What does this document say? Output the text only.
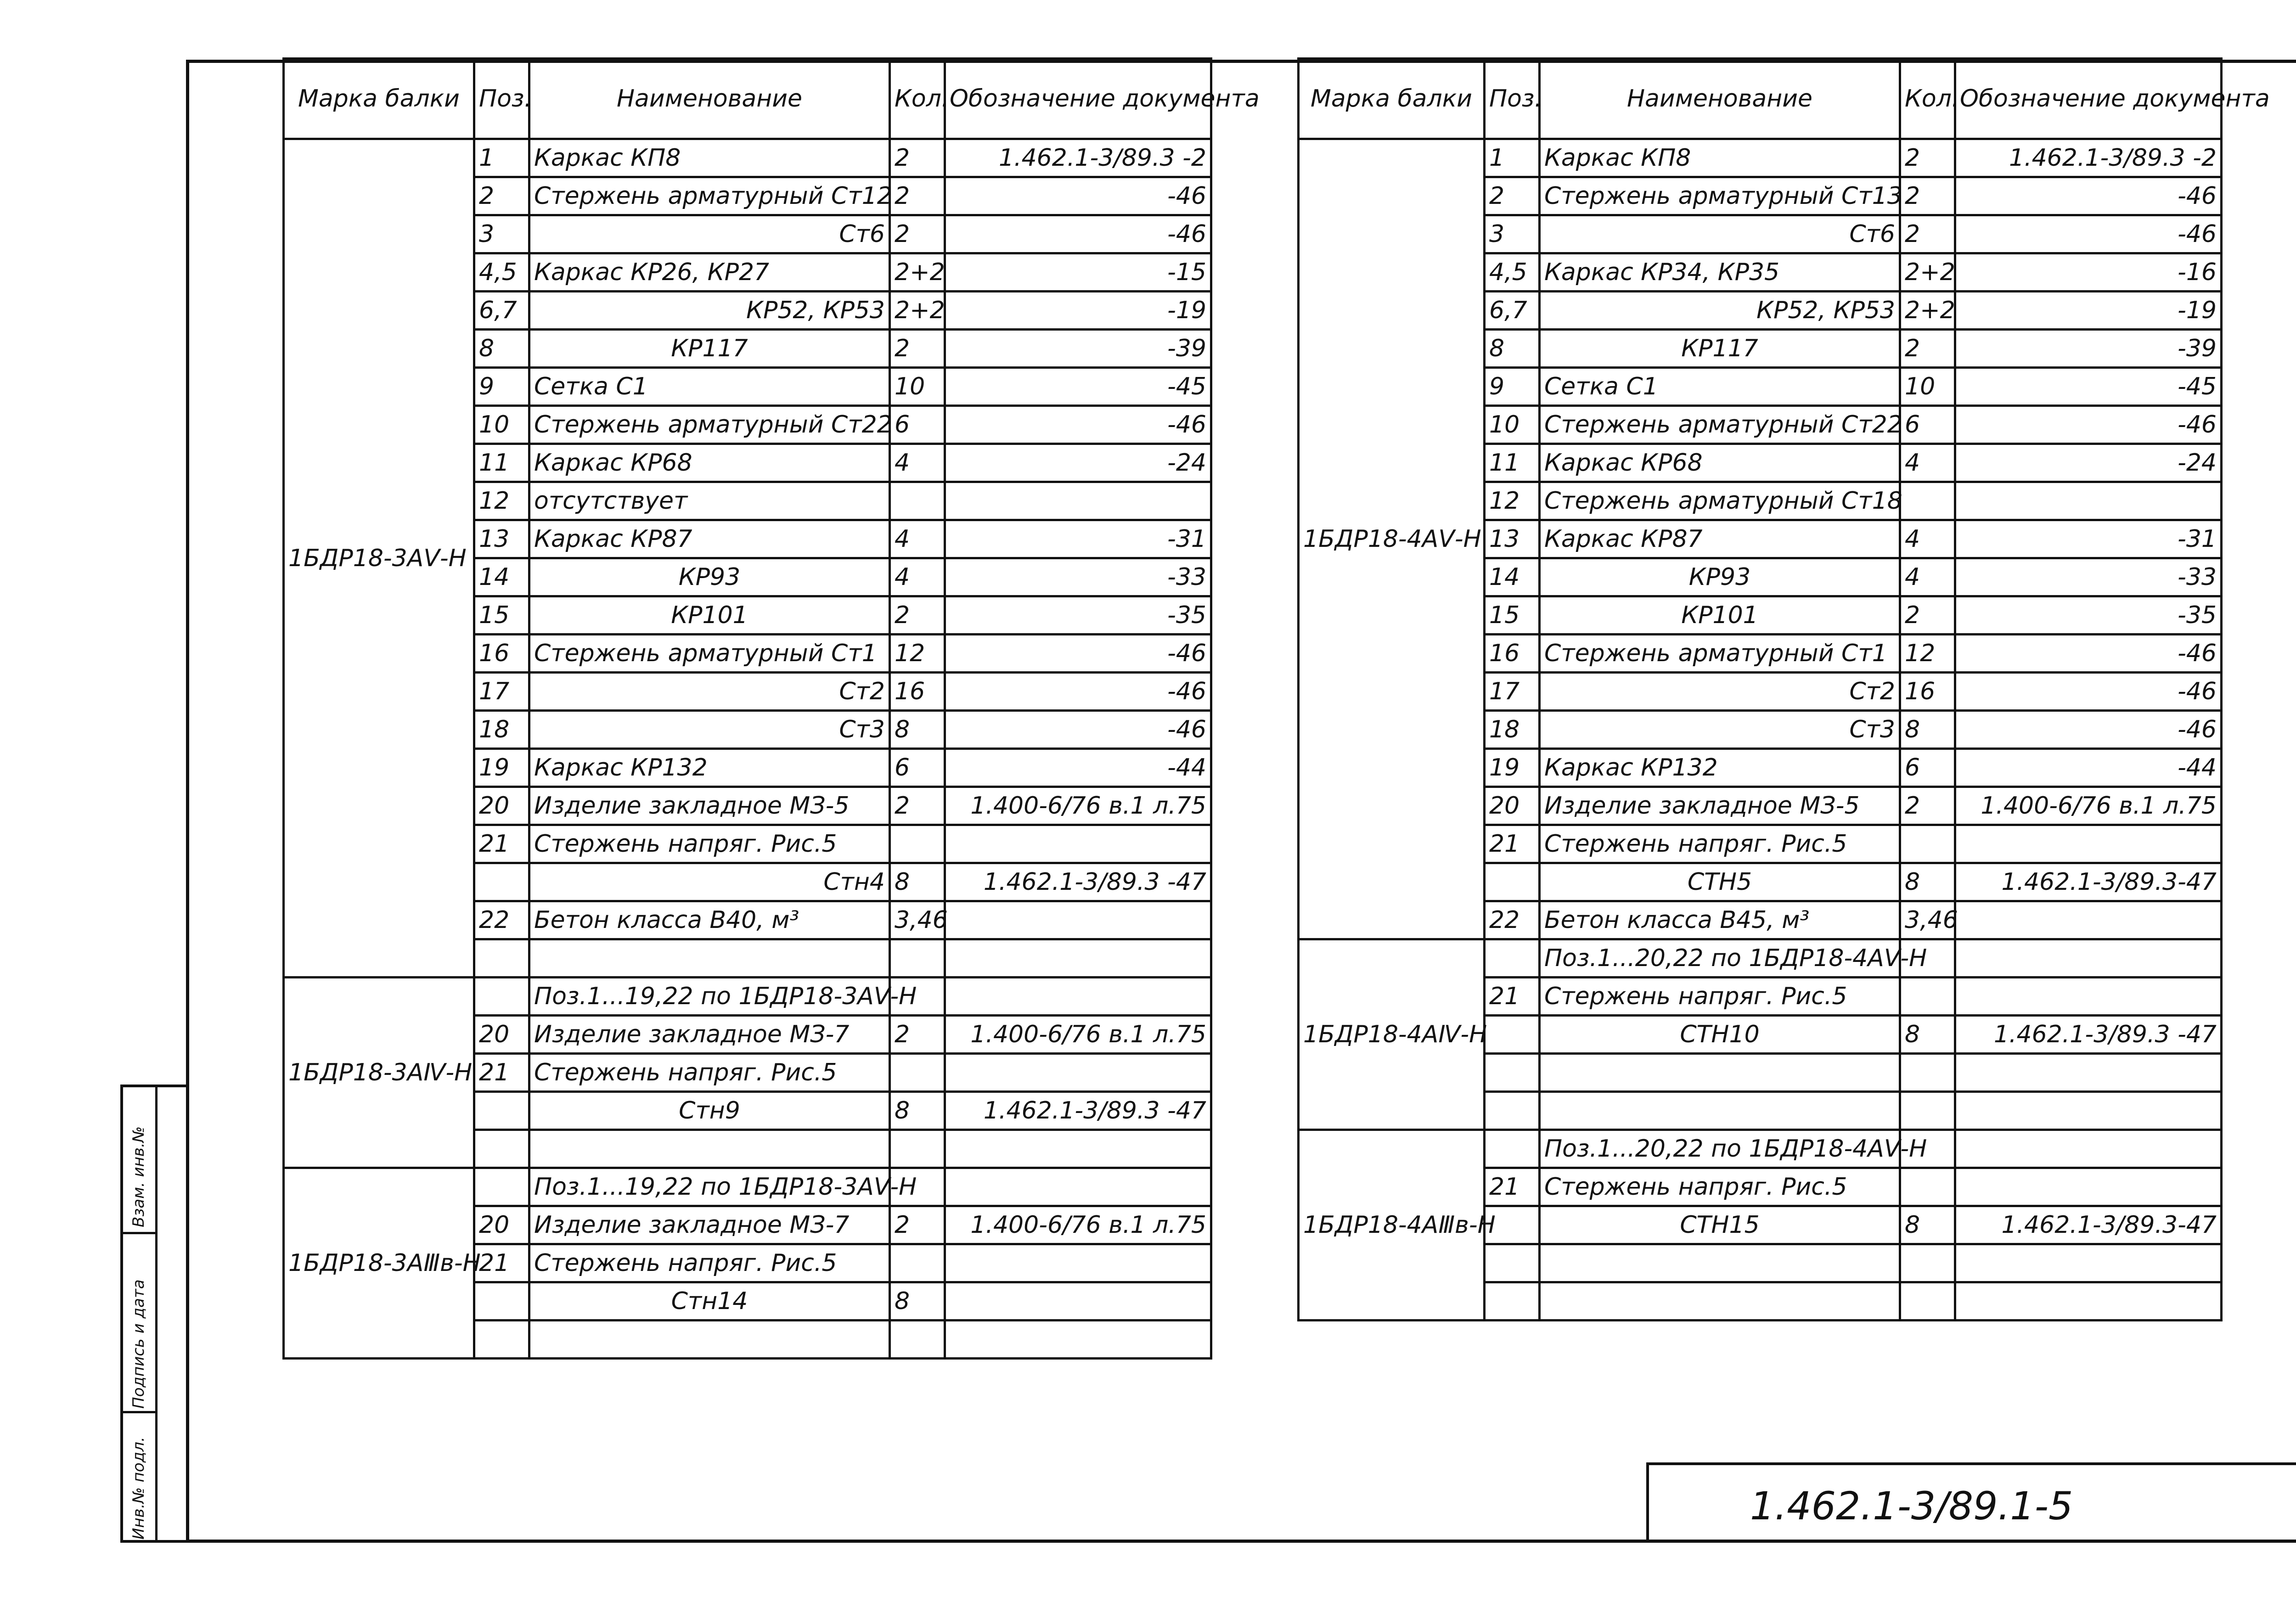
Взам. инв.№
Подпись и дата
Инв.№ подл.
Марка балки	Поз.	Наименование	Кол.	Обозначение документа
1БДР18-3АⅤ-Н	1	Каркас КП8	2	1.462.1-3/89.3 -2
	2	Стержень арматурный Ст12	2	-46
	3	Ст6	2	-46
	4,5	Каркас КР26, КР27	2+2	-15
	6,7	КР52, КР53	2+2	-19
	8	КР117	2	-39
	9	Сетка С1	10	-45
	10	Стержень арматурный Ст22	6	-46
	11	Каркас КР68	4	-24
	12	отсутствует		
	13	Каркас КР87	4	-31
	14	КР93	4	-33
	15	КР101	2	-35
	16	Стержень арматурный Ст1	12	-46
	17	Ст2	16	-46
	18	Ст3	8	-46
	19	Каркас КР132	6	-44
	20	Изделие закладное МЗ-5	2	1.400-6/76 в.1 л.75
	21	Стержень напряг. Рис.5		
		Стн4	8	1.462.1-3/89.3 -47
	22	Бетон класса В40, м³	3,46	

1БДР18-3АⅣ-Н		Поз.1...19,22 по 1БДР18-3АⅤ-Н		
	20	Изделие закладное МЗ-7	2	1.400-6/76 в.1 л.75
	21	Стержень напряг. Рис.5		
		Стн9	8	1.462.1-3/89.3 -47

1БДР18-3АⅢв-Н		Поз.1...19,22 по 1БДР18-3АⅤ-Н		
	20	Изделие закладное МЗ-7	2	1.400-6/76 в.1 л.75
	21	Стержень напряг. Рис.5		
		Стн14	8	

Марка балки	Поз.	Наименование	Кол.	Обозначение документа
1БДР18-4АⅤ-Н	1	Каркас КП8	2	1.462.1-3/89.3 -2
	2	Стержень арматурный Ст13	2	-46
	3	Ст6	2	-46
	4,5	Каркас КР34, КР35	2+2	-16
	6,7	КР52, КР53	2+2	-19
	8	КР117	2	-39
	9	Сетка С1	10	-45
	10	Стержень арматурный Ст22	6	-46
	11	Каркас КР68	4	-24
	12	Стержень арматурный Ст18		
	13	Каркас КР87	4	-31
	14	КР93	4	-33
	15	КР101	2	-35
	16	Стержень арматурный Ст1	12	-46
	17	Ст2	16	-46
	18	Ст3	8	-46
	19	Каркас КР132	6	-44
	20	Изделие закладное МЗ-5	2	1.400-6/76 в.1 л.75
	21	Стержень напряг. Рис.5		
		СТН5	8	1.462.1-3/89.3-47
	22	Бетон класса В45, м³	3,46	
1БДР18-4АⅣ-Н		Поз.1...20,22 по 1БДР18-4АⅤ-Н		
	21	Стержень напряг. Рис.5		
		СТН10	8	1.462.1-3/89.3 -47

1БДР18-4АⅢв-Н		Поз.1...20,22 по 1БДР18-4АⅤ-Н		
	21	Стержень напряг. Рис.5		
		СТН15	8	1.462.1-3/89.3-47

1.462.1-3/89.1-5
